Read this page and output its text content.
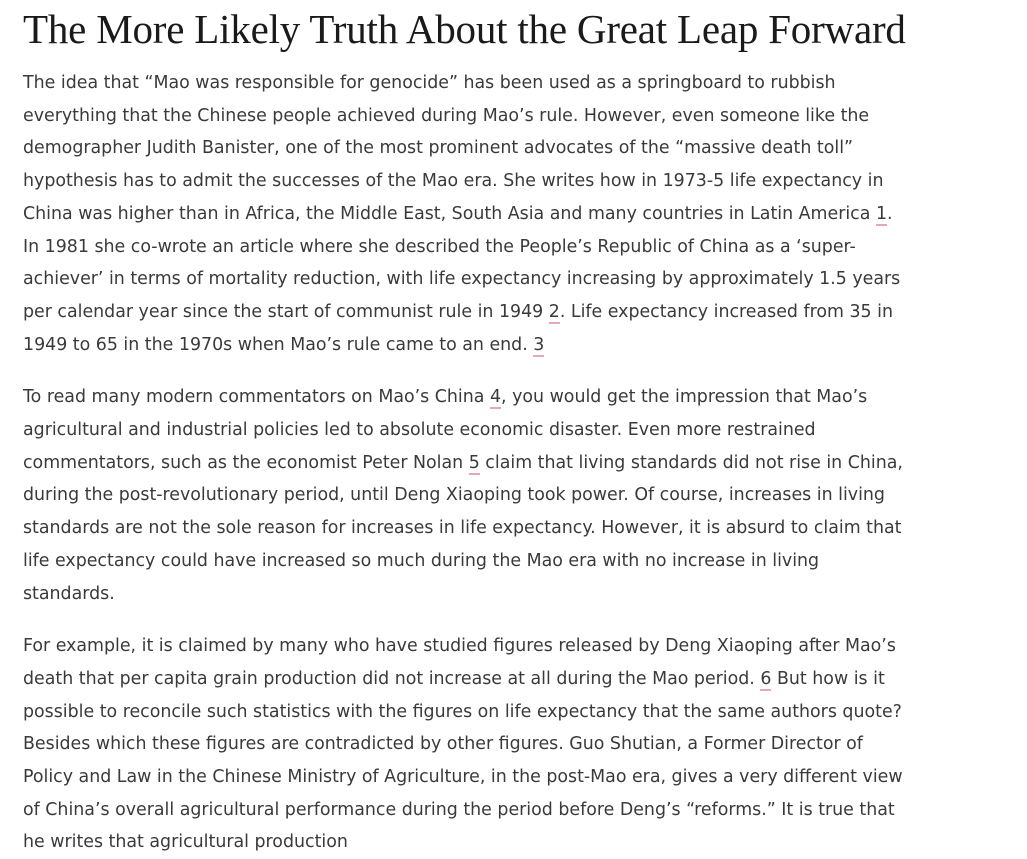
The More Likely Truth About the Great Leap Forward

The idea that “Mao was responsible for genocide” has been used as a springboard to rubbish everything that the Chinese people achieved during Mao’s rule. However, even someone like the demographer Judith Banister, one of the most prominent advocates of the “massive death toll” hypothesis has to admit the successes of the Mao era. She writes how in 1973-5 life expectancy in China was higher than in Africa, the Middle East, South Asia and many countries in Latin America 1. In 1981 she co-wrote an article where she described the People’s Republic of China as a ‘super-achiever’ in terms of mortality reduction, with life expectancy increasing by approximately 1.5 years per calendar year since the start of communist rule in 1949 2. Life expectancy increased from 35 in 1949 to 65 in the 1970s when Mao’s rule came to an end. 3

To read many modern commentators on Mao’s China 4, you would get the impression that Mao’s agricultural and industrial policies led to absolute economic disaster. Even more restrained commentators, such as the economist Peter Nolan 5 claim that living standards did not rise in China, during the post-revolutionary period, until Deng Xiaoping took power. Of course, increases in living standards are not the sole reason for increases in life expectancy. However, it is absurd to claim that life expectancy could have increased so much during the Mao era with no increase in living standards.

For example, it is claimed by many who have studied figures released by Deng Xiaoping after Mao’s death that per capita grain production did not increase at all during the Mao period. 6 But how is it possible to reconcile such statistics with the figures on life expectancy that the same authors quote? Besides which these figures are contradicted by other figures. Guo Shutian, a Former Director of Policy and Law in the Chinese Ministry of Agriculture, in the post-Mao era, gives a very different view of China’s overall agricultural performance during the period before Deng’s “reforms.” It is true that he writes that agricultural production
